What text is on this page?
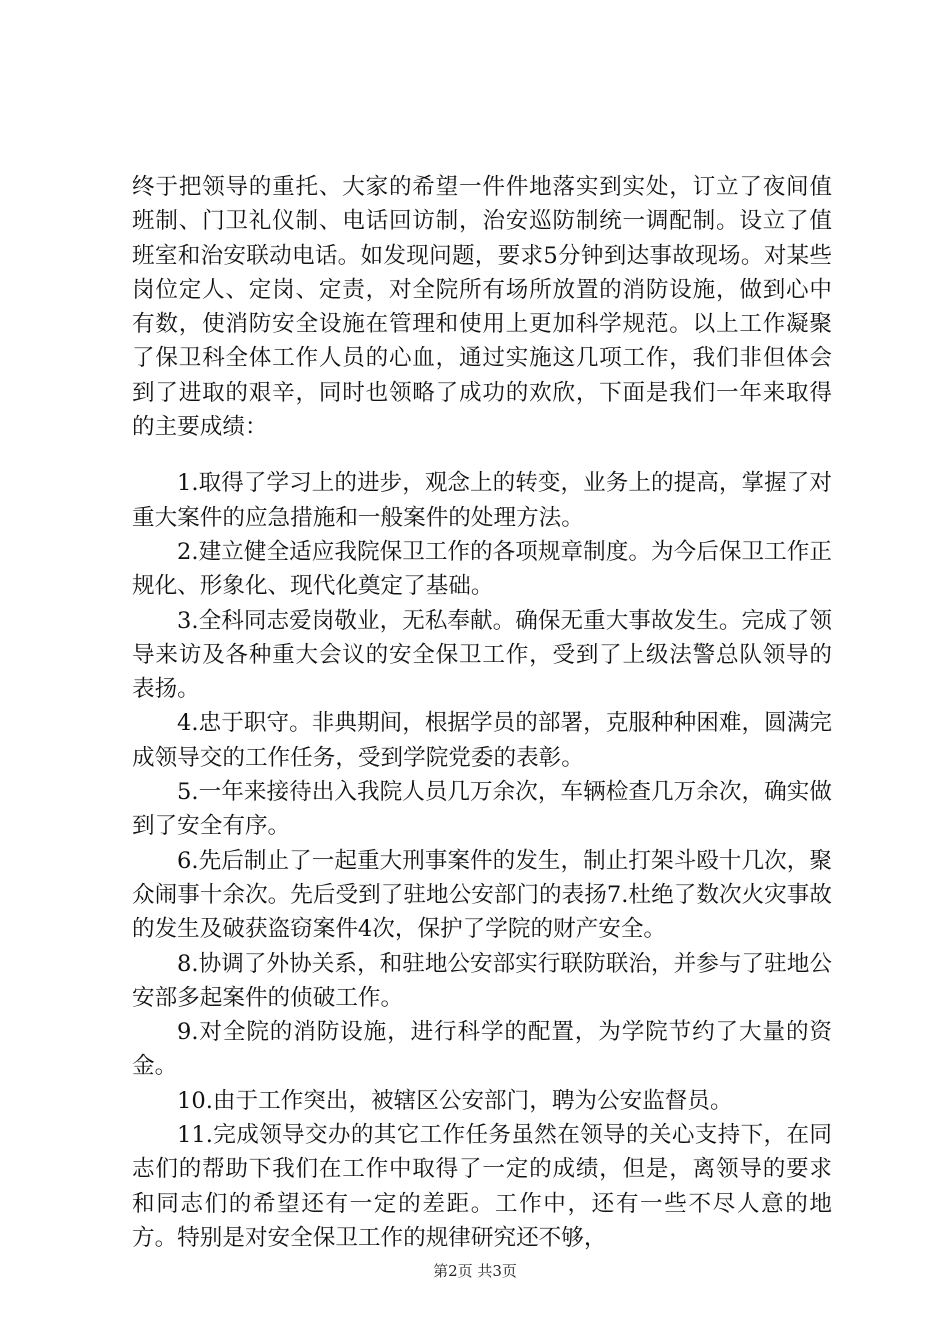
终于把领导的重托、大家的希望一件件地落实到实处，订立了夜间值班制、门卫礼仪制、电话回访制，治安巡防制统一调配制。设立了值班室和治安联动电话。如发现问题，要求5分钟到达事故现场。对某些岗位定人、定岗、定责，对全院所有场所放置的消防设施，做到心中有数，使消防安全设施在管理和使用上更加科学规范。以上工作凝聚了保卫科全体工作人员的心血，通过实施这几项工作，我们非但体会到了进取的艰辛，同时也领略了成功的欢欣，下面是我们一年来取得的主要成绩：

1.取得了学习上的进步，观念上的转变，业务上的提高，掌握了对重大案件的应急措施和一般案件的处理方法。

2.建立健全适应我院保卫工作的各项规章制度。为今后保卫工作正规化、形象化、现代化奠定了基础。

3.全科同志爱岗敬业，无私奉献。确保无重大事故发生。完成了领导来访及各种重大会议的安全保卫工作，受到了上级法警总队领导的表扬。

4.忠于职守。非典期间，根据学员的部署，克服种种困难，圆满完成领导交的工作任务，受到学院党委的表彰。

5.一年来接待出入我院人员几万余次，车辆检查几万余次，确实做到了安全有序。

6.先后制止了一起重大刑事案件的发生，制止打架斗殴十几次，聚众闹事十余次。先后受到了驻地公安部门的表扬7.杜绝了数次火灾事故的发生及破获盗窃案件4次，保护了学院的财产安全。

8.协调了外协关系，和驻地公安部实行联防联治，并参与了驻地公安部多起案件的侦破工作。

9.对全院的消防设施，进行科学的配置，为学院节约了大量的资金。

10.由于工作突出，被辖区公安部门，聘为公安监督员。

11.完成领导交办的其它工作任务虽然在领导的关心支持下，在同志们的帮助下我们在工作中取得了一定的成绩，但是，离领导的要求和同志们的希望还有一定的差距。工作中，还有一些不尽人意的地方。特别是对安全保卫工作的规律研究还不够，

第2页 共3页
